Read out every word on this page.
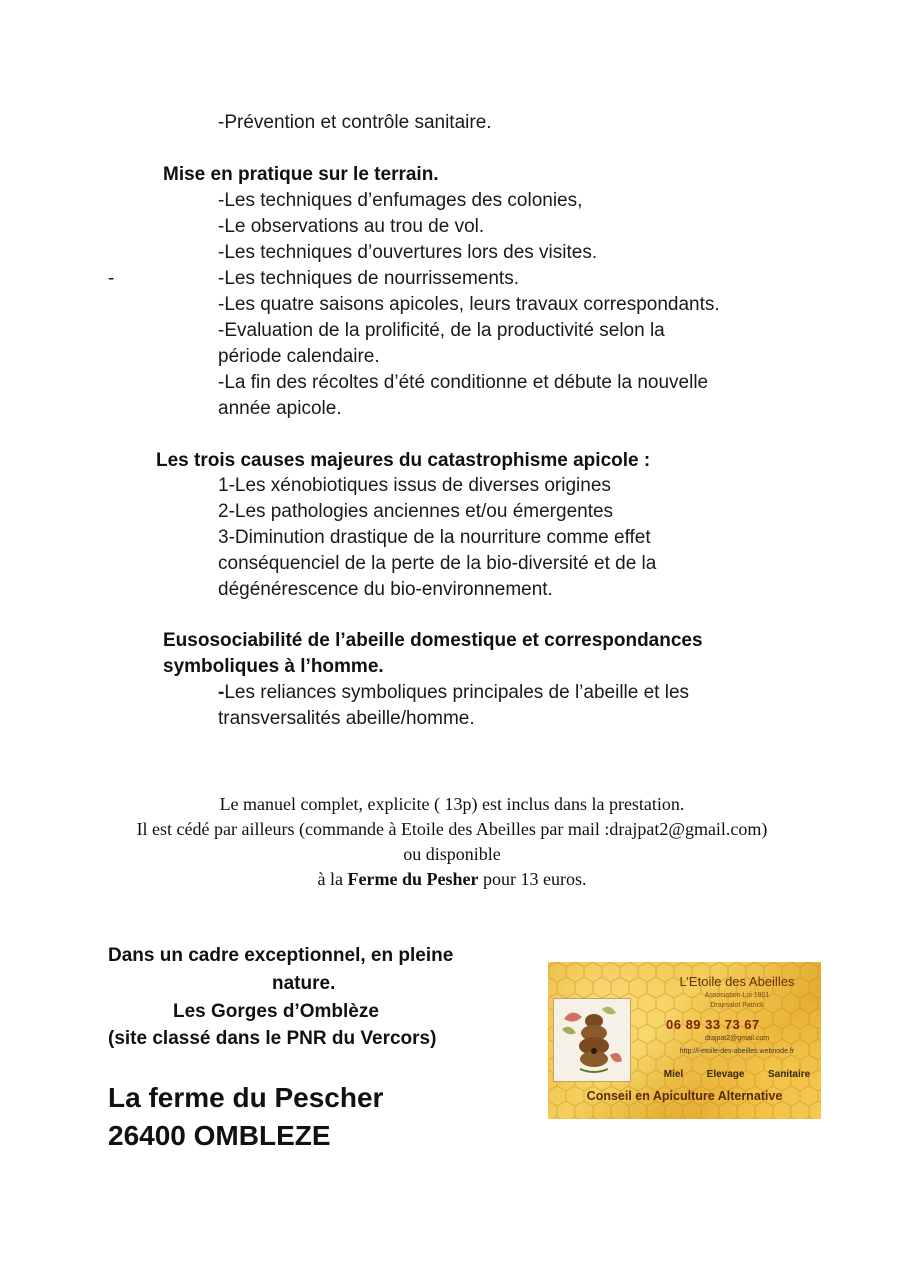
-Prévention et contrôle sanitaire.
Mise en pratique sur le terrain.
-Les techniques d’enfumages des colonies,
-Le observations au trou de vol.
-Les techniques d’ouvertures lors des visites.
-	-Les techniques de nourrissements.
-Les quatre saisons apicoles, leurs travaux correspondants.
-Evaluation de la prolificité, de la productivité selon la
période calendaire.
-La fin des récoltes d’été conditionne et débute la nouvelle
année apicole.
Les trois causes majeures du catastrophisme apicole :
1-Les xénobiotiques issus de diverses origines
2-Les pathologies anciennes et/ou émergentes
3-Diminution drastique de la nourriture comme effet
conséquenciel de la perte de la bio-diversité et de la
dégénérescence du bio-environnement.
Eusosociabilité de l’abeille domestique et correspondances
symboliques à l’homme.
-Les reliances symboliques principales de l’abeille et les
transversalités abeille/homme.
Le manuel complet, explicite ( 13p) est inclus dans la prestation.
Il est cédé par ailleurs (commande à Etoile des Abeilles par mail :drajpat2@gmail.com)
ou disponible
à la Ferme du Pesher pour 13 euros.
Dans un cadre exceptionnel, en pleine
nature.
Les Gorges d’Omblèze
(site classé dans le PNR du Vercors)
La ferme du Pescher
26400 OMBLEZE
L’Etoile des Abeilles
Association Loi 1901
Drajmalot Patrick
06 89 33 73 67
drajpat2@gmail.com
http://l-etoile-des-abeilles.webnode.fr
Miel Elevage Sanitaire
Conseil en Apiculture Alternative
